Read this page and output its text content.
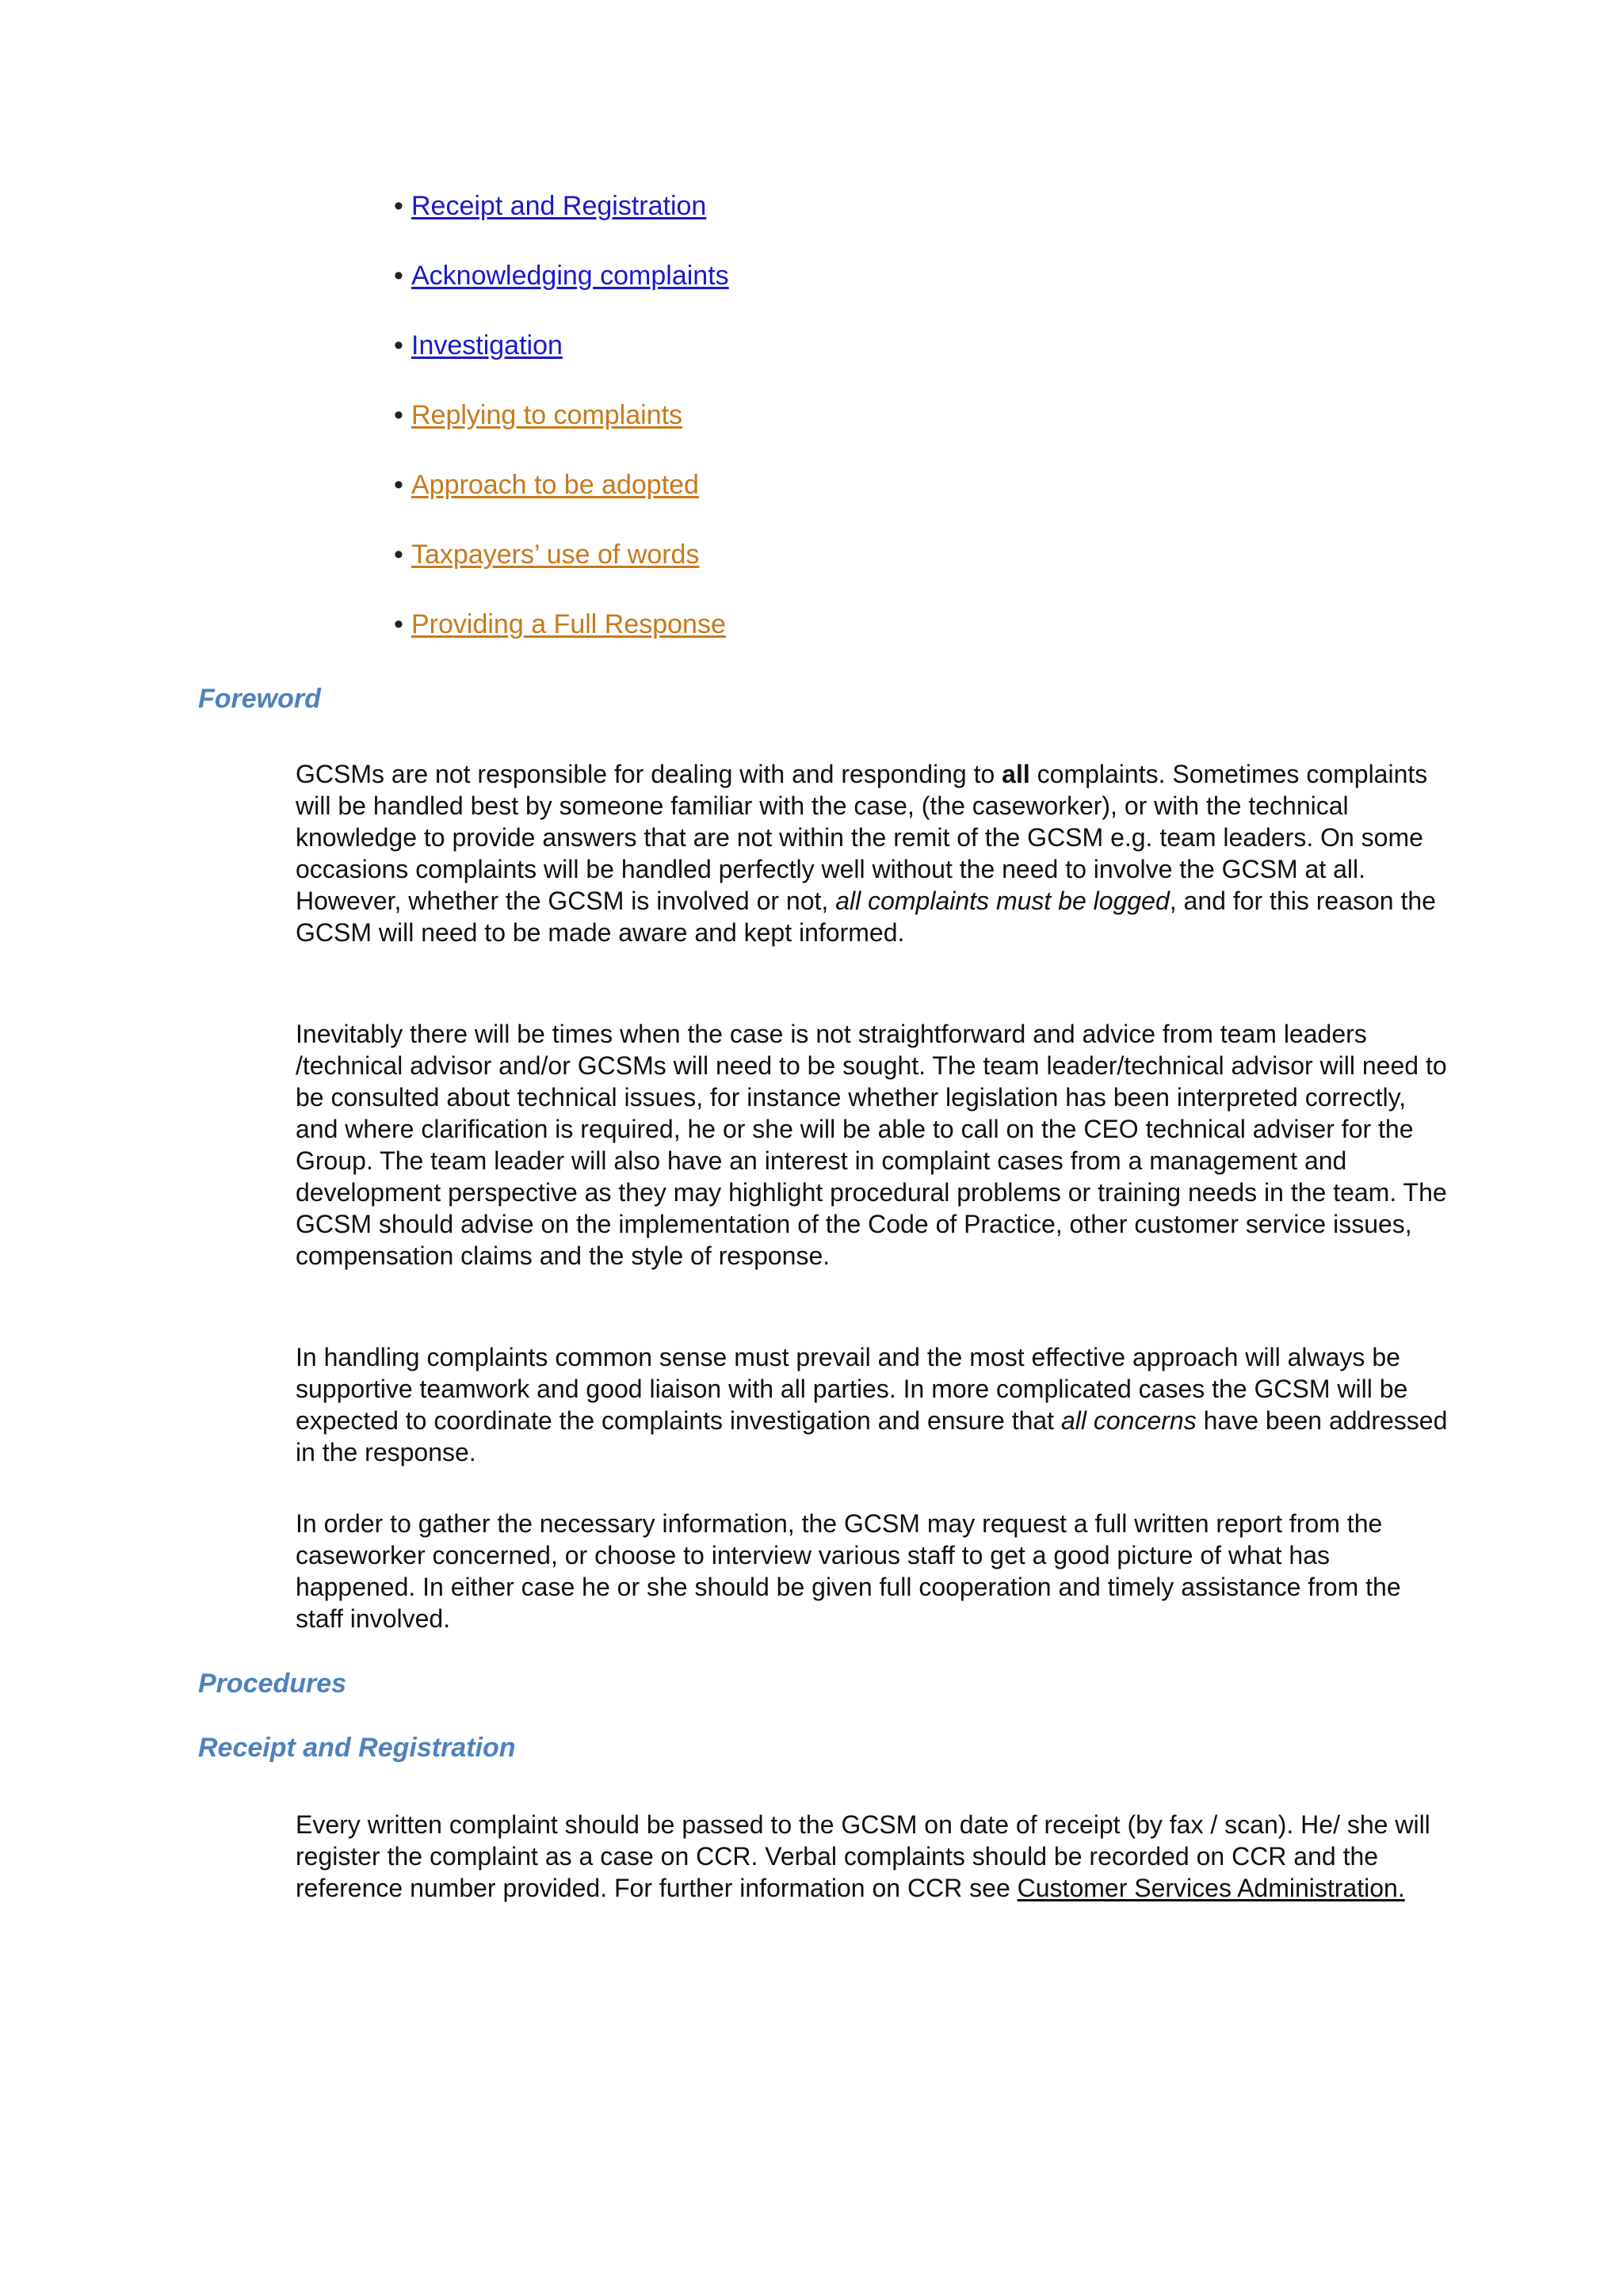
• Receipt and Registration
• Acknowledging complaints
• Investigation
• Replying to complaints
• Approach to be adopted
• Taxpayers’ use of words
• Providing a Full Response
Foreword

GCSMs are not responsible for dealing with and responding to all complaints. Sometimes complaints will be handled best by someone familiar with the case, (the caseworker), or with the technical knowledge to provide answers that are not within the remit of the GCSM e.g. team leaders. On some occasions complaints will be handled perfectly well without the need to involve the GCSM at all. However, whether the GCSM is involved or not, all complaints must be logged, and for this reason the GCSM will need to be made aware and kept informed.

Inevitably there will be times when the case is not straightforward and advice from team leaders /technical advisor and/or GCSMs will need to be sought. The team leader/technical advisor will need to be consulted about technical issues, for instance whether legislation has been interpreted correctly, and where clarification is required, he or she will be able to call on the CEO technical adviser for the Group. The team leader will also have an interest in complaint cases from a management and development perspective as they may highlight procedural problems or training needs in the team. The GCSM should advise on the implementation of the Code of Practice, other customer service issues, compensation claims and the style of response.

In handling complaints common sense must prevail and the most effective approach will always be supportive teamwork and good liaison with all parties. In more complicated cases the GCSM will be expected to coordinate the complaints investigation and ensure that all concerns have been addressed in the response.

In order to gather the necessary information, the GCSM may request a full written report from the caseworker concerned, or choose to interview various staff to get a good picture of what has happened. In either case he or she should be given full cooperation and timely assistance from the staff involved.

Procedures
Receipt and Registration

Every written complaint should be passed to the GCSM on date of receipt (by fax / scan). He/ she will register the complaint as a case on CCR. Verbal complaints should be recorded on CCR and the reference number provided. For further information on CCR see Customer Services Administration.
